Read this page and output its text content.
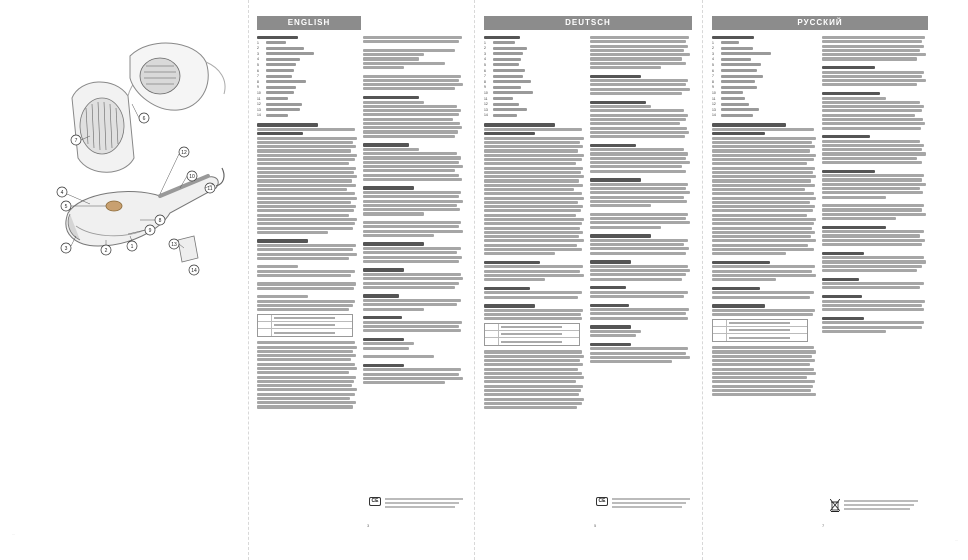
7
6
12
10
11
4
5
8
9
3	2
1	13
14
…
ENGLISH
1
2
3
4
5
6
7
8
9
10
11
12
13
14
CE
3
DEUTSCH
1
2
3
4
5
6
7
8
9
10
11
12
13
14
CE
5
РУССКИЙ
1
2
3
4
5
6
7
8
9
10
11
12
13
14
7
…
